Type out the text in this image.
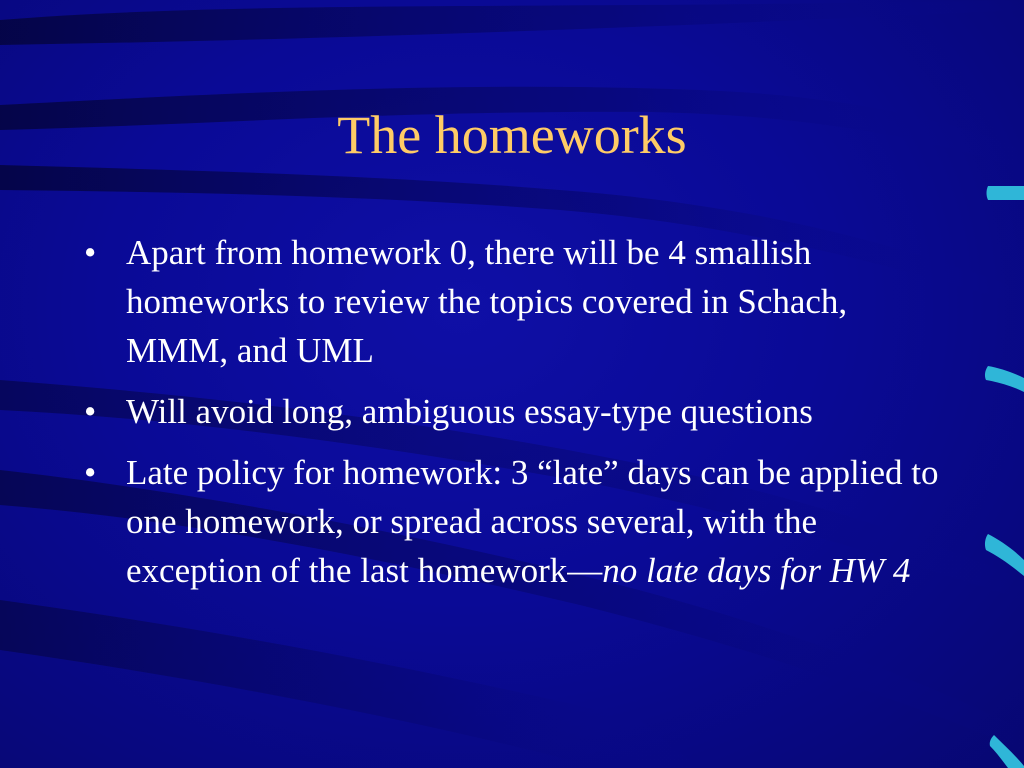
The homeworks
• Apart from homework 0, there will be 4 smallish homeworks to review the topics covered in Schach, MMM, and UML
• Will avoid long, ambiguous essay-type questions
• Late policy for homework: 3 “late” days can be applied to one homework, or spread across several, with the exception of the last homework—no late days for HW 4
